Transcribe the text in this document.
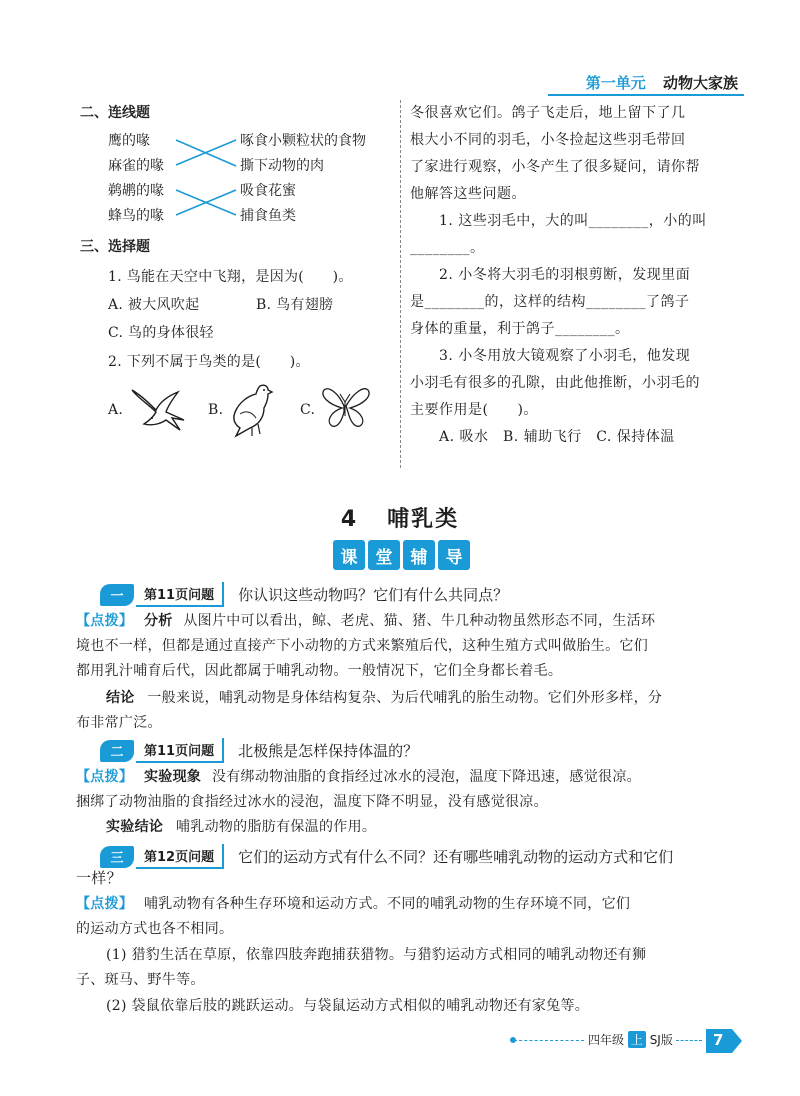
第一单元 动物大家族
二、连线题
鹰的喙
麻雀的喙
鹈鹕的喙
蜂鸟的喙
啄食小颗粒状的食物
撕下动物的肉
吸食花蜜
捕食鱼类
三、选择题
1. 鸟能在天空中飞翔，是因为(　　)。
A. 被大风吹起	B. 鸟有翅膀
C. 鸟的身体很轻
2. 下列不属于鸟类的是(　　)。
A.	B.	C.
冬很喜欢它们。鸽子飞走后，地上留下了几
根大小不同的羽毛，小冬捡起这些羽毛带回
了家进行观察，小冬产生了很多疑问，请你帮
他解答这些问题。
　　1. 这些羽毛中，大的叫________，小的叫
________。
　　2. 小冬将大羽毛的羽根剪断，发现里面
是________的，这样的结构________了鸽子
身体的重量，利于鸽子________。
　　3. 小冬用放大镜观察了小羽毛，他发现
小羽毛有很多的孔隙，由此他推断，小羽毛的
主要作用是(　　)。
　　A. 吸水　B. 辅助飞行　C. 保持体温
4 哺乳类
课	堂	辅	导
一	第11页问题	你认识这些动物吗？它们有什么共同点？
【点拨】 分析 从图片中可以看出，鲸、老虎、猫、猪、牛几种动物虽然形态不同，生活环
境也不一样，但都是通过直接产下小动物的方式来繁殖后代，这种生殖方式叫做胎生。它们
都用乳汁哺育后代，因此都属于哺乳动物。一般情况下，它们全身都长着毛。
结论 一般来说，哺乳动物是身体结构复杂、为后代哺乳的胎生动物。它们外形多样，分
布非常广泛。
二	第11页问题	北极熊是怎样保持体温的？
【点拨】 实验现象 没有绑动物油脂的食指经过冰水的浸泡，温度下降迅速，感觉很凉。
捆绑了动物油脂的食指经过冰水的浸泡，温度下降不明显，没有感觉很凉。
实验结论 哺乳动物的脂肪有保温的作用。
三	第12页问题	它们的运动方式有什么不同？还有哪些哺乳动物的运动方式和它们
一样？
【点拨】 哺乳动物有各种生存环境和运动方式。不同的哺乳动物的生存环境不同，它们
的运动方式也各不相同。
(1) 猎豹生活在草原，依靠四肢奔跑捕获猎物。与猎豹运动方式相同的哺乳动物还有狮
子、斑马、野牛等。
(2) 袋鼠依靠后肢的跳跃运动。与袋鼠运动方式相似的哺乳动物还有家兔等。
四年级 上 SJ版	7
